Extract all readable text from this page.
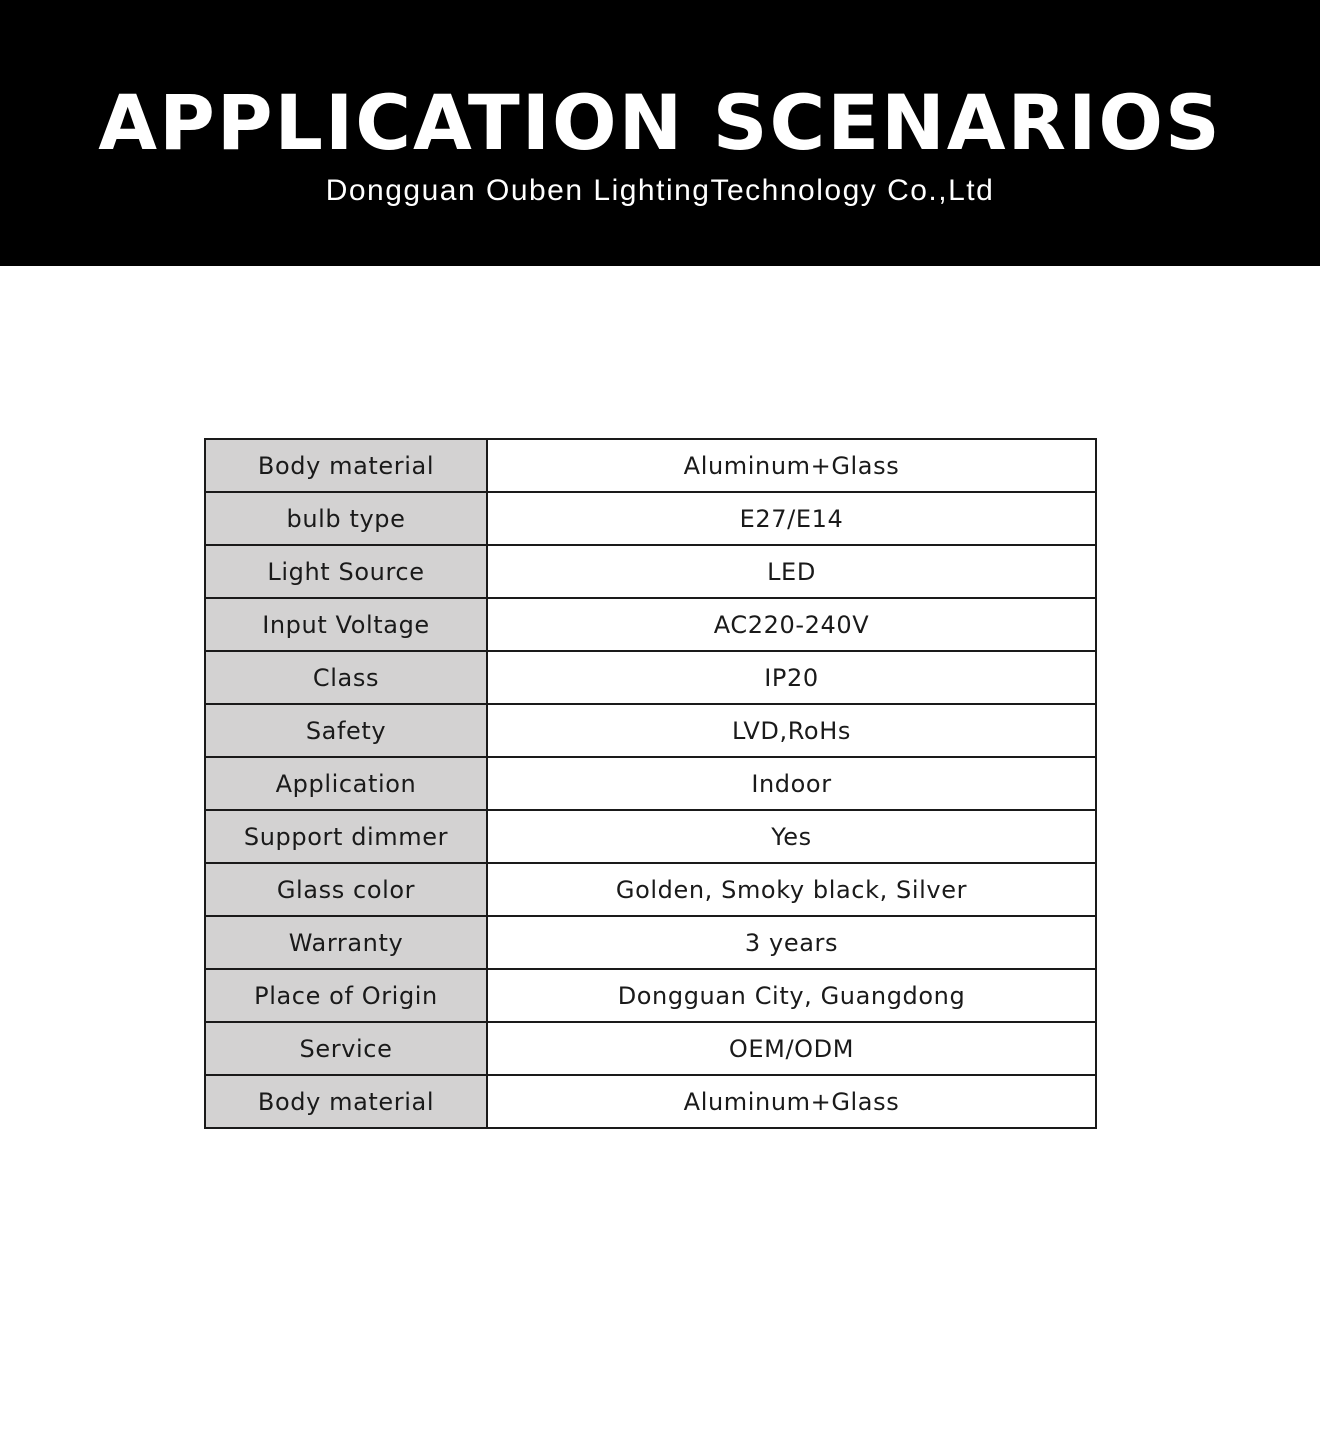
APPLICATION SCENARIOS

Dongguan Ouben LightingTechnology Co.,Ltd

Body material	Aluminum+Glass
bulb type	E27/E14
Light Source	LED
Input Voltage	AC220-240V
Class	IP20
Safety	LVD,RoHs
Application	Indoor
Support dimmer	Yes
Glass color	Golden, Smoky black, Silver
Warranty	3 years
Place of Origin	Dongguan City, Guangdong
Service	OEM/ODM
Body material	Aluminum+Glass
